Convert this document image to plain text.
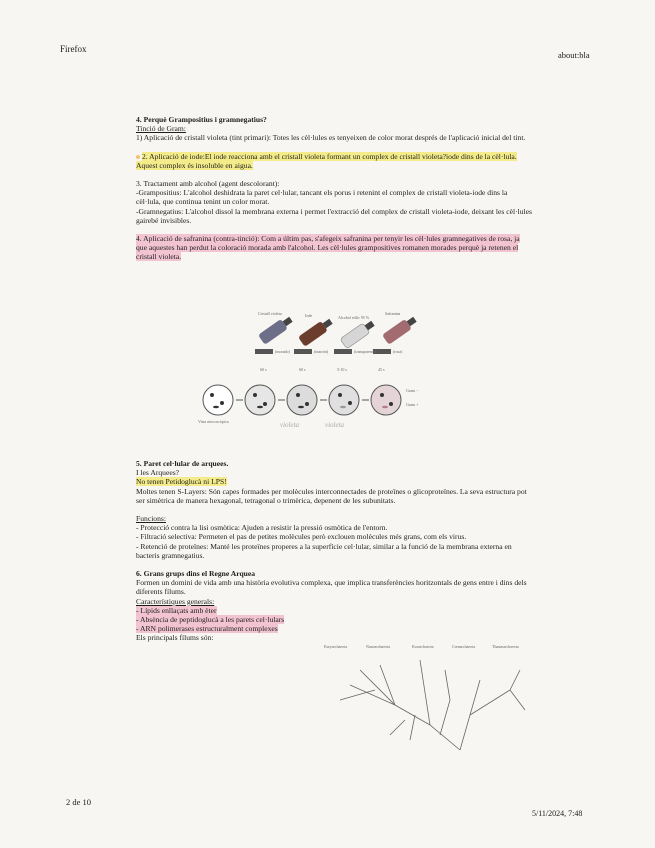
Firefox
about:bla
4. Perquè Grampositius i gramnegatius?
Tinció de Gram:
1) Aplicació de cristall violeta (tint primari): Totes les cèl·lules es tenyeixen de color morat després de l'aplicació inicial del tint.
2. Aplicació de iode:El iode reacciona amb el cristall violeta formant un complex de cristall violeta?iode dins de la cèl·lula. Aquest complex és insoluble en aigua.
3. Tractament amb alcohol (agent descolorant):
-Grampositius: L'alcohol deshidrata la paret cel·lular, tancant els porus i retenint el complex de cristall violeta-iode dins la cèl·lula, que continua tenint un color morat.
-Gramnegatius: L'alcohol dissol la membrana externa i permet l'extracció del complex de cristall violeta-iode, deixant les cèl·lules gairebé invisibles.
4. Aplicació de safranina (contra-tinció): Com a últim pas, s'afegeix safranina per tenyir les cèl·lules gramnegatives de rosa, ja que aquestes han perdut la coloració morada amb l'alcohol. Les cèl·lules grampositives romanen morades perquè ja retenen el cristall violeta.
Cristall violeta	Iode	Alcohol etílic 95 %
Safranina
(morado)	(marrón)	(transparente)	(rosa)
60 s	60 s	5-10 s	45 s
Gram −
Gram +
Vista microscòpica	violeta	violeta
5. Paret cel·lular de arquees.
I les Arquees?
No tenen Petidoglucà ni LPS!
Moltes tenen S-Layers: Són capes formades per molècules interconnectades de proteïnes o glicoproteïnes. La seva estructura pot ser simètrica de manera hexagonal, tetragonal o trimèrica, depenent de les subunitats.
Funcions:
- Protecció contra la lisi osmòtica: Ajuden a resistir la pressió osmòtica de l'entorn.
- Filtració selectiva: Permeten el pas de petites molècules però exclouen molècules més grans, com els virus.
- Retenció de proteïnes: Manté les proteïnes properes a la superfície cel·lular, similar a la funció de la membrana externa en bacteris gramnegatius.
6. Grans grups dins el Regne Arquea
Formen un domini de vida amb una història evolutiva complexa, que implica transferències horitzontals de gens entre i dins dels diferents fílums.
Característiques generals:
- Lípids enllaçats amb èter
- Absència de peptidoglucà a les parets cel·lulars
- ARN polimerases estructuralment complexes
Els principals fílums són:
Euryarchaeota	Nanoarchaeota	Korarchaeota	Crenarchaeota	Thaumarchaeota
2 de 10
5/11/2024, 7:48
